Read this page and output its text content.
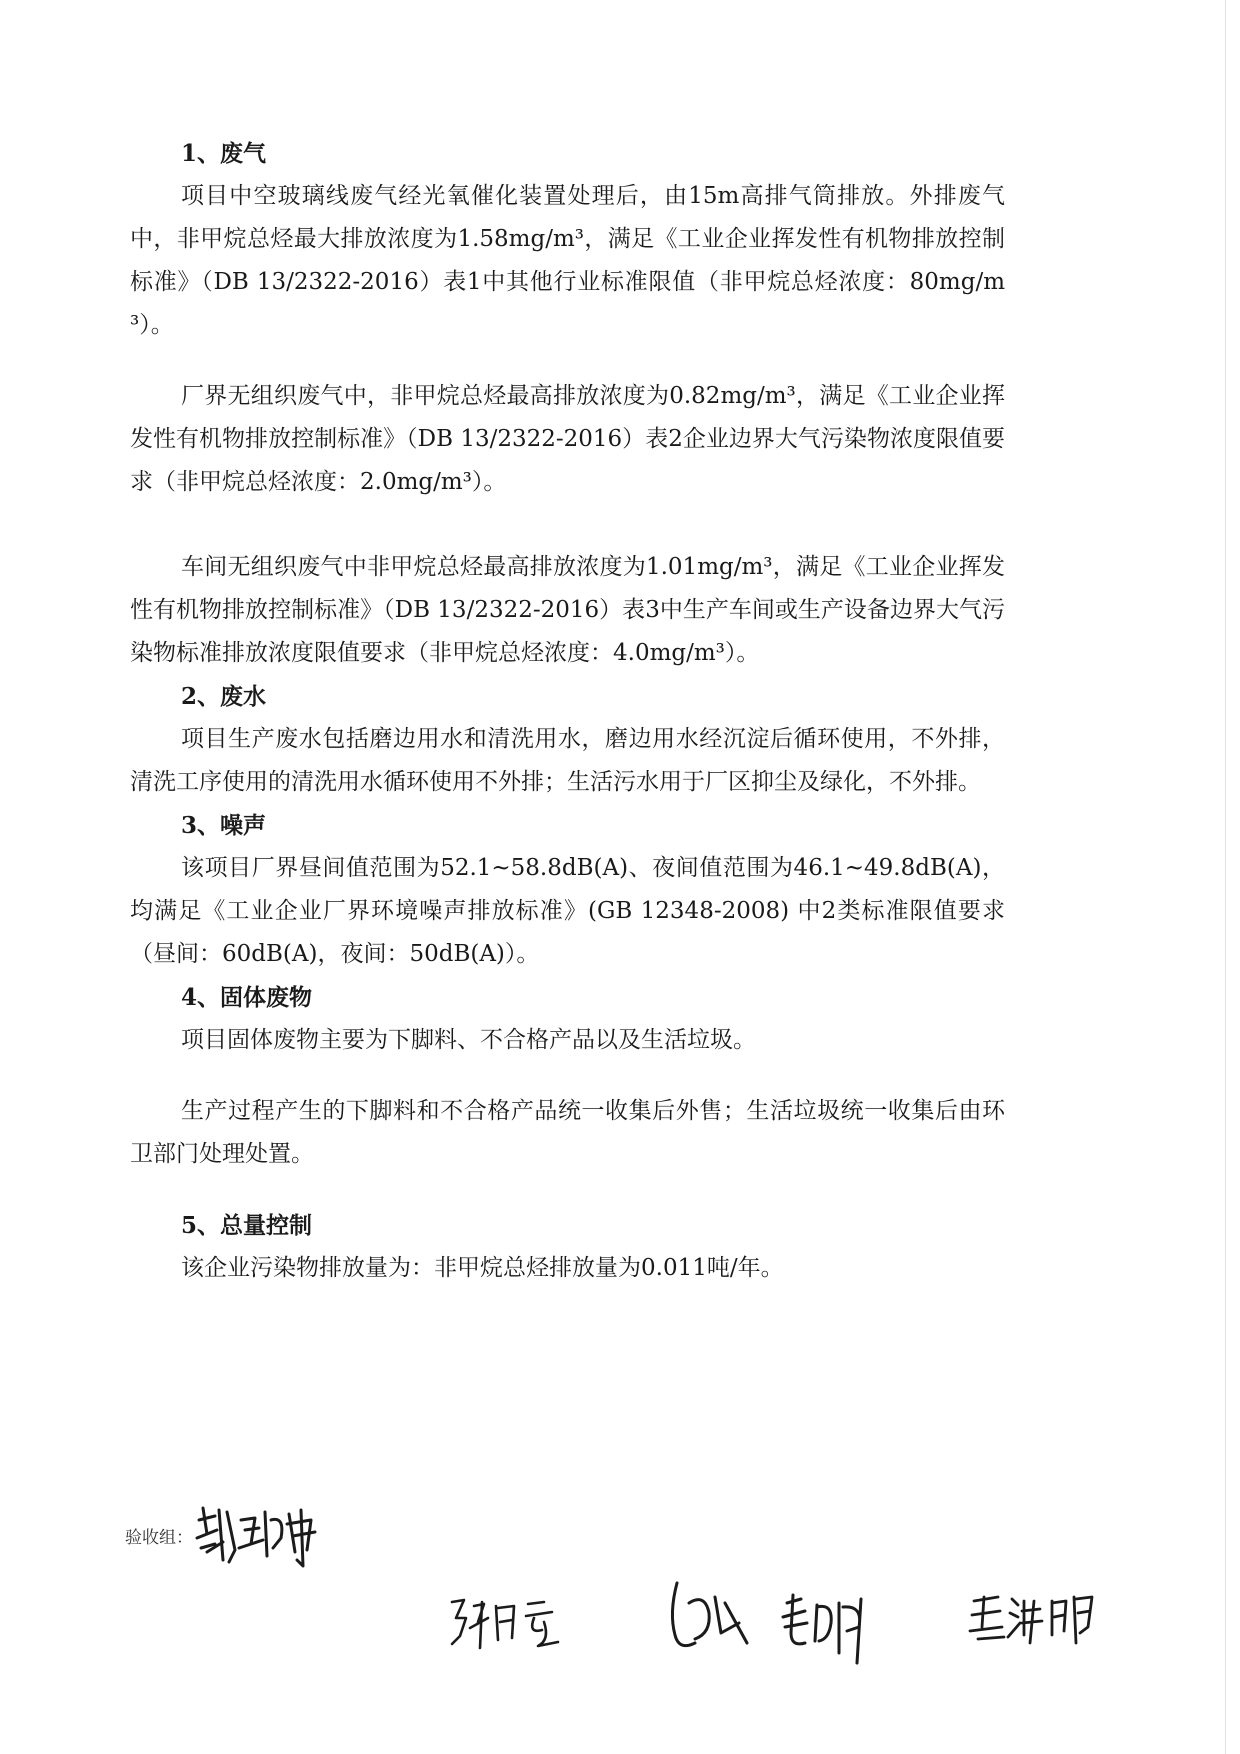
1、废气

项目中空玻璃线废气经光氧催化装置处理后，由15m高排气筒排放。外排废气中，非甲烷总烃最大排放浓度为1.58mg/m³，满足《工业企业挥发性有机物排放控制标准》（DB 13/2322-2016）表1中其他行业标准限值（非甲烷总烃浓度：80mg/m³）。

厂界无组织废气中，非甲烷总烃最高排放浓度为0.82mg/m³，满足《工业企业挥发性有机物排放控制标准》（DB 13/2322-2016）表2企业边界大气污染物浓度限值要求（非甲烷总烃浓度：2.0mg/m³）。

车间无组织废气中非甲烷总烃最高排放浓度为1.01mg/m³，满足《工业企业挥发性有机物排放控制标准》（DB 13/2322-2016）表3中生产车间或生产设备边界大气污染物标准排放浓度限值要求（非甲烷总烃浓度：4.0mg/m³）。

2、废水

项目生产废水包括磨边用水和清洗用水，磨边用水经沉淀后循环使用，不外排，清洗工序使用的清洗用水循环使用不外排；生活污水用于厂区抑尘及绿化，不外排。

3、噪声

该项目厂界昼间值范围为52.1~58.8dB(A)、夜间值范围为46.1~49.8dB(A)，均满足《工业企业厂界环境噪声排放标准》(GB 12348-2008) 中2类标准限值要求（昼间：60dB(A)，夜间：50dB(A)）。

4、固体废物

项目固体废物主要为下脚料、不合格产品以及生活垃圾。

生产过程产生的下脚料和不合格产品统一收集后外售；生活垃圾统一收集后由环卫部门处理处置。

5、总量控制

该企业污染物排放量为：非甲烷总烃排放量为0.011吨/年。

验收组：
